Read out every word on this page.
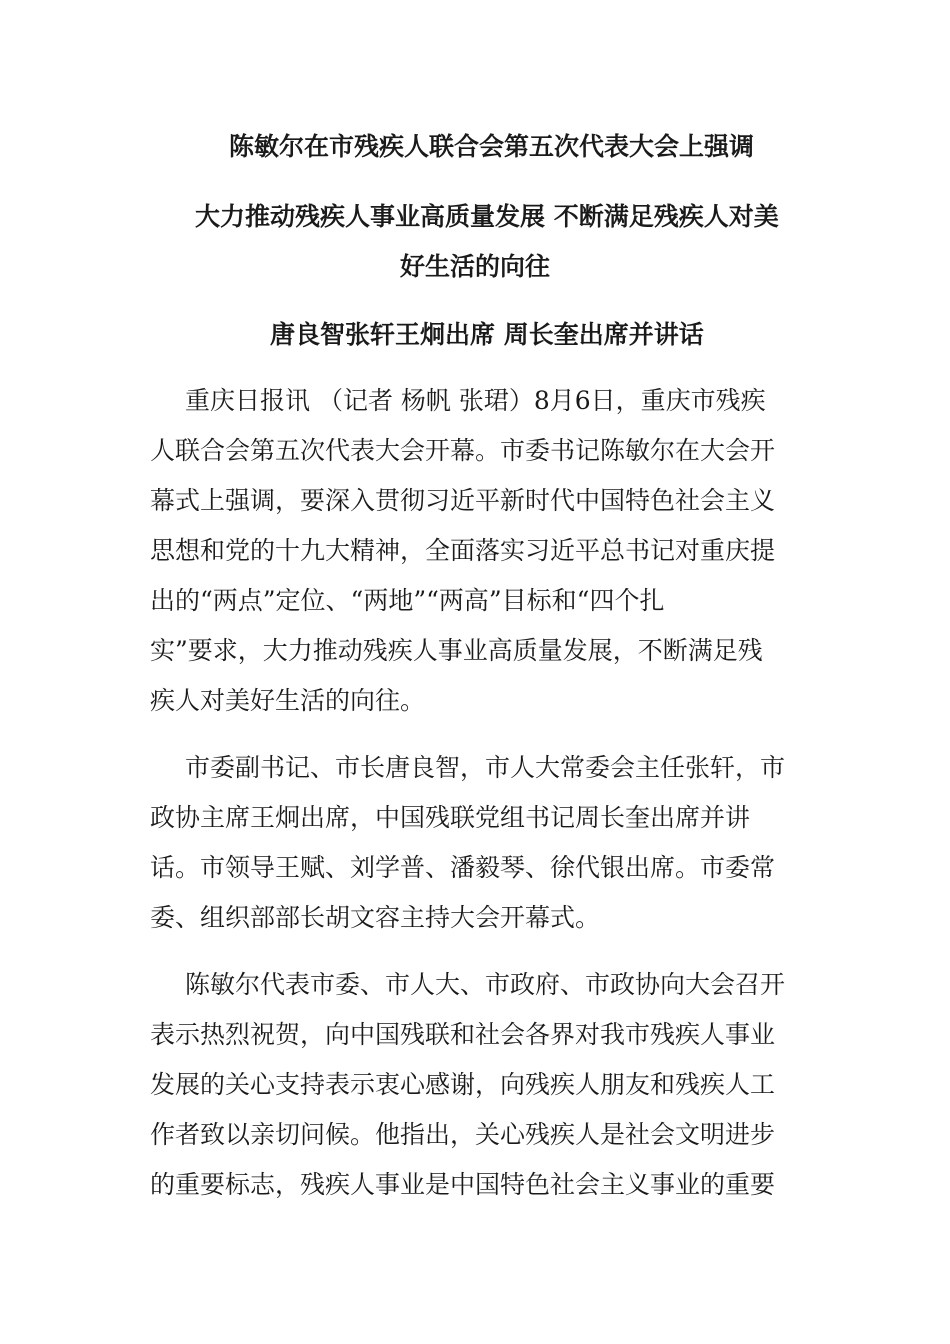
陈敏尔在市残疾人联合会第五次代表大会上强调
大力推动残疾人事业高质量发展 不断满足残疾人对美
好生活的向往
唐良智张轩王炯出席 周长奎出席并讲话
重庆日报讯 （记者 杨帆 张珺）8月6日，重庆市残疾
人联合会第五次代表大会开幕。市委书记陈敏尔在大会开
幕式上强调，要深入贯彻习近平新时代中国特色社会主义
思想和党的十九大精神，全面落实习近平总书记对重庆提
出的“两点”定位、“两地”“两高”目标和“四个扎
实”要求，大力推动残疾人事业高质量发展，不断满足残
疾人对美好生活的向往。
市委副书记、市长唐良智，市人大常委会主任张轩，市
政协主席王炯出席，中国残联党组书记周长奎出席并讲
话。市领导王赋、刘学普、潘毅琴、徐代银出席。市委常
委、组织部部长胡文容主持大会开幕式。
陈敏尔代表市委、市人大、市政府、市政协向大会召开
表示热烈祝贺，向中国残联和社会各界对我市残疾人事业
发展的关心支持表示衷心感谢，向残疾人朋友和残疾人工
作者致以亲切问候。他指出，关心残疾人是社会文明进步
的重要标志，残疾人事业是中国特色社会主义事业的重要
